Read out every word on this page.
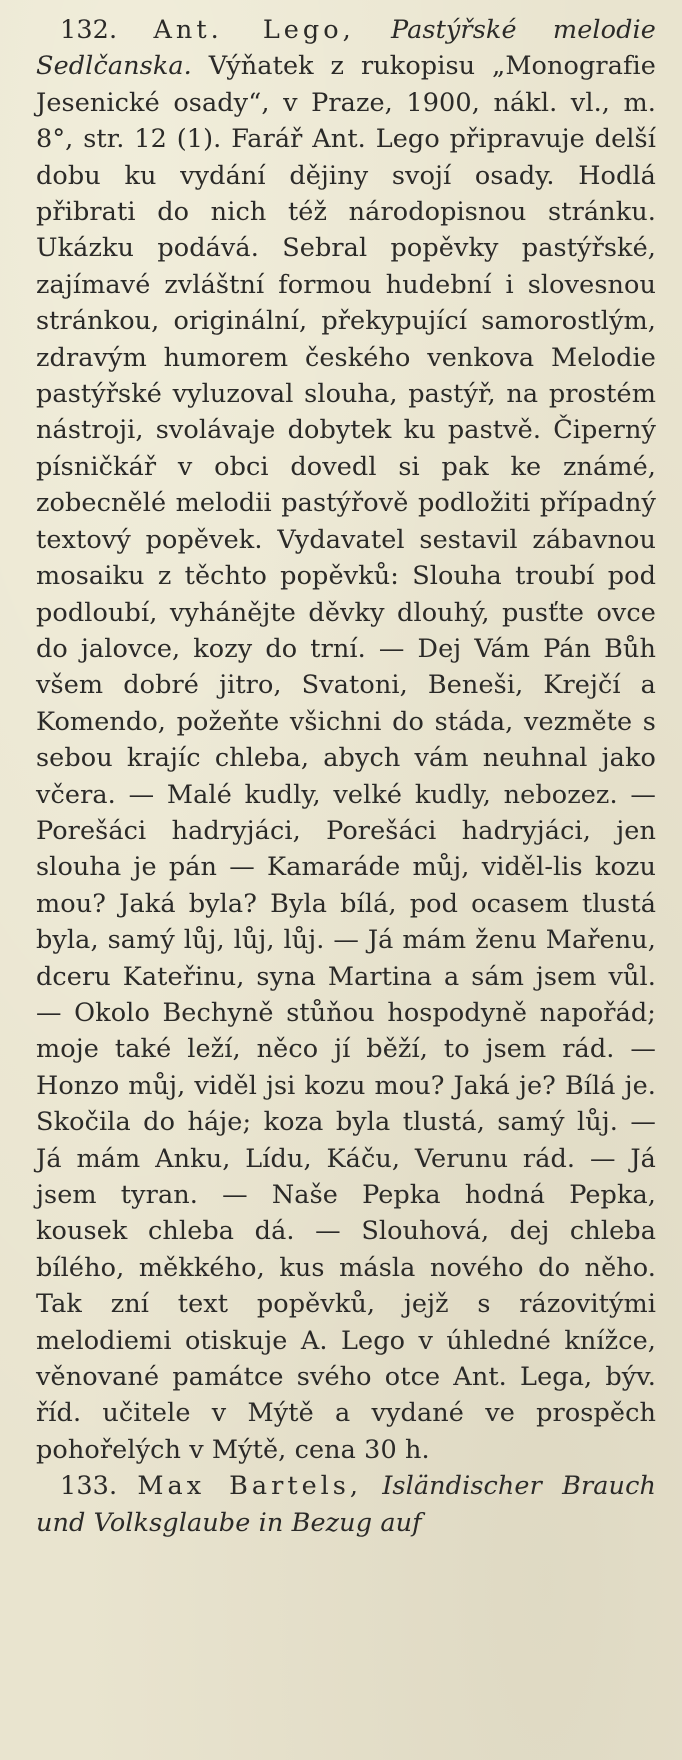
132. Ant. Lego, Pastýřské melodie Sedlčanska. Výňatek z rukopisu „Monografie Jesenické osady“, v Praze, 1900, nákl. vl., m. 8°, str. 12 (1). Farář Ant. Lego připravuje delší dobu ku vydání dějiny svojí osady. Hodlá přibrati do nich též národopisnou stránku. Ukázku podává. Sebral popěvky pastýřské, zajímavé zvláštní formou hudební i slovesnou stránkou, originální, překypující samorostlým, zdravým humorem českého venkova Melodie pastýřské vyluzoval slouha, pastýř, na prostém nástroji, svolávaje dobytek ku pastvě. Čiperný písničkář v obci dovedl si pak ke známé, zobecnělé melodii pastýřově podložiti případný textový popěvek. Vydavatel sestavil zábavnou mosaiku z těchto popěvků: Slouha troubí pod podloubí, vyháněјte děvky dlouhý, pusťte ovce do jalovce, kozy do trní. — Dej Vám Pán Bůh všem dobré jitro, Svatoni, Beneši, Krejčí a Komendo, požeňte všichni do stáda, vezměte s sebou krajíc chleba, abych vám neuhnal jako včera. — Malé kudly, velké kudly, nebozez. — Porešáci hadryjáci, Porešáci hadryjáci, jen slouha je pán — Kamaráde můj, viděl-lis kozu mou? Jaká byla? Byla bílá, pod ocasem tlustá byla, samý lůj, lůj, lůj. — Já mám ženu Mařenu, dceru Kateřinu, syna Martina a sám jsem vůl. — Okolo Bechyně stůňou hospodyně napořád; moje také leží, něco jí běží, to jsem rád. — Honzo můj, viděl jsi kozu mou? Jaká je? Bílá je. Skočila do háje; koza byla tlustá, samý lůj. — Já mám Anku, Lídu, Káču, Verunu rád. — Já jsem tyran. — Naše Pepka hodná Pepka, kousek chleba dá. — Slouhová, dej chleba bílého, měkkého, kus másla nového do něho. Tak zní text popěvků, jejž s rázovitými melodiemi otiskuje A. Lego v úhledné knížce, věnované památce svého otce Ant. Lega, býv. říd. učitele v Mýtě a vydané ve prospěch pohořelých v Mýtě, cena 30 h.

133. Max Bartels, Isländischer Brauch und Volksglaube in Bezug auf
